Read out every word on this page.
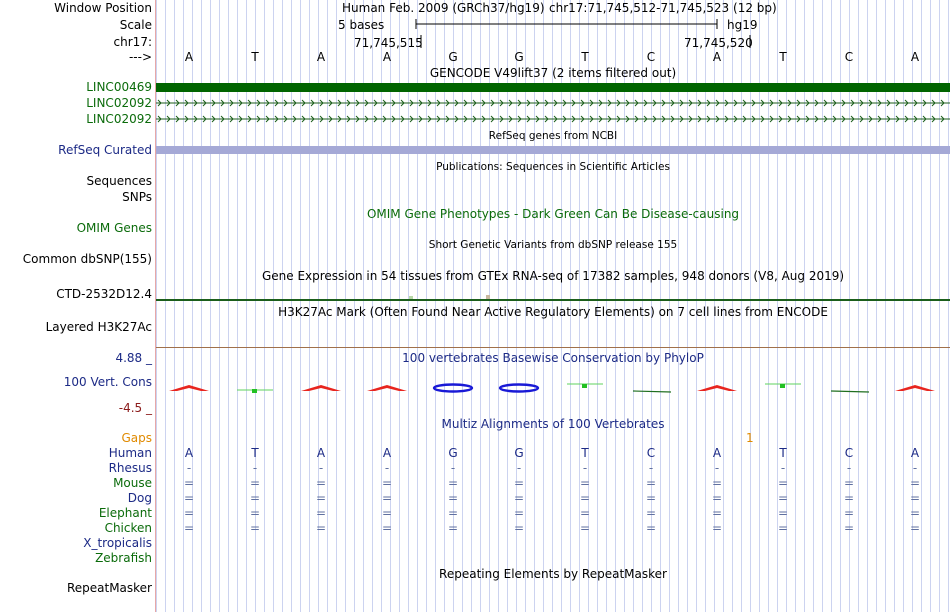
Window Position
Scale
chr17:
--->
Human Feb. 2009 (GRCh37/hg19) chr17:71,745,512-71,745,523 (12 bp)
5 bases	hg19
71,745,515	71,745,520
A	T	A	A	G	G	T	C	A	T	C	A
GENCODE V49lift37 (2 items filtered out)
LINC00469
LINC02092
LINC02092
RefSeq genes from NCBI
RefSeq Curated
Publications: Sequences in Scientific Articles
Sequences
SNPs
OMIM Gene Phenotypes - Dark Green Can Be Disease-causing
OMIM Genes
Short Genetic Variants from dbSNP release 155
Common dbSNP(155)
Gene Expression in 54 tissues from GTEx RNA-seq of 17382 samples, 948 donors (V8, Aug 2019)
CTD-2532D12.4
H3K27Ac Mark (Often Found Near Active Regulatory Elements) on 7 cell lines from ENCODE
Layered H3K27Ac
100 vertebrates Basewise Conservation by PhyloP
4.88 _
100 Vert. Cons
-4.5 _
Multiz Alignments of 100 Vertebrates
Gaps	1
Human	A	T	A	A	G	G	T	C	A	T	C	A
Rhesus	-	-	-	-	-	-	-	-	-	-	-	-
Mouse	=	=	=	=	=	=	=	=	=	=	=	=
Dog	=	=	=	=	=	=	=	=	=	=	=	=
Elephant	=	=	=	=	=	=	=	=	=	=	=	=
Chicken	=	=	=	=	=	=	=	=	=	=	=	=
X_tropicalis
Zebrafish
Repeating Elements by RepeatMasker
RepeatMasker
